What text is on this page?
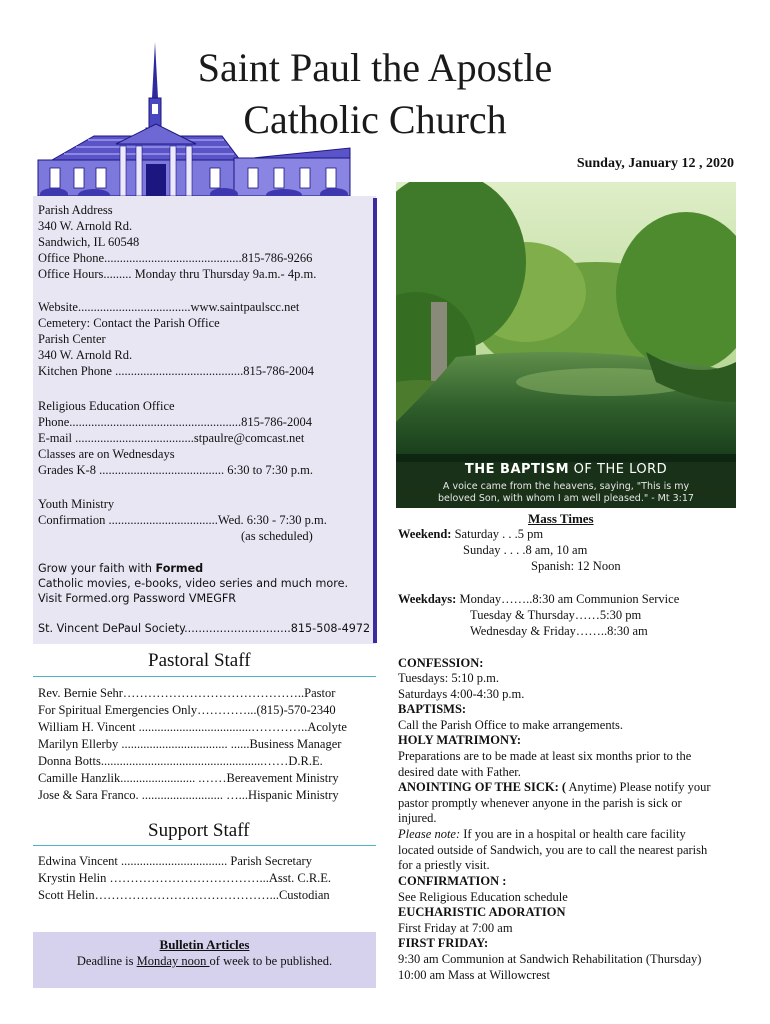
Saint Paul the Apostle
Catholic Church
Sunday, January 12 , 2020
Parish Address
340 W. Arnold Rd.
Sandwich, IL 60548
Office Phone............................................815-786-9266
Office Hours......... Monday thru Thursday 9a.m.- 4p.m.
Website....................................www.saintpaulscc.net
Cemetery: Contact the Parish Office
Parish Center
340 W. Arnold Rd.
Kitchen Phone .........................................815-786-2004
Religious Education Office
Phone.......................................................815-786-2004
E-mail ......................................stpaulre@comcast.net
Classes are on Wednesdays
Grades K-8 ........................................ 6:30 to 7:30 p.m.
Youth Ministry
Confirmation ...................................Wed. 6:30 - 7:30 p.m.
(as scheduled)
Grow your faith with Formed
Catholic movies, e-books, video series and much more.
Visit Formed.org Password VMEGFR
St. Vincent DePaul Society..............................815-508-4972
Pastoral Staff
Rev. Bernie Sehr……………………………………..Pastor
For Spiritual Emergencies Only…………...(815)-570-2340
William H. Vincent ....................................…………..Acolyte
Marilyn Ellerby .................................. ......Business Manager
Donna Botts....................................................……D.R.E.
Camille Hanzlik........................ .……Bereavement Ministry
Jose & Sara Franco. .......................... …...Hispanic Ministry
Support Staff
Edwina Vincent .................................. Parish Secretary
Krystin Helin ………………………………...Asst. C.R.E.
Scott Helin……………………………………...Custodian
Bulletin Articles
Deadline is Monday noon of week to be published.
THE BAPTISM OF THE LORD
A voice came from the heavens, saying, "This is my
beloved Son, with whom I am well pleased." - Mt 3:17
Mass Times
Weekend: Saturday . . .5 pm
Sunday . . . .8 am, 10 am
Spanish: 12 Noon
Weekdays: Monday……..8:30 am Communion Service
Tuesday & Thursday……5:30 pm
Wednesday & Friday……..8:30 am
CONFESSION:
Tuesdays: 5:10 p.m.
Saturdays 4:00-4:30 p.m.
BAPTISMS:
Call the Parish Office to make arrangements.
HOLY MATRIMONY:
Preparations are to be made at least six months prior to the
desired date with Father.
ANOINTING OF THE SICK: ( Anytime) Please notify your
pastor promptly whenever anyone in the parish is sick or
injured.
Please note: If you are in a hospital or health care facility
located outside of Sandwich, you are to call the nearest parish
for a priestly visit.
CONFIRMATION :
See Religious Education schedule
EUCHARISTIC ADORATION
First Friday at 7:00 am
FIRST FRIDAY:
9:30 am Communion at Sandwich Rehabilitation (Thursday)
10:00 am Mass at Willowcrest
